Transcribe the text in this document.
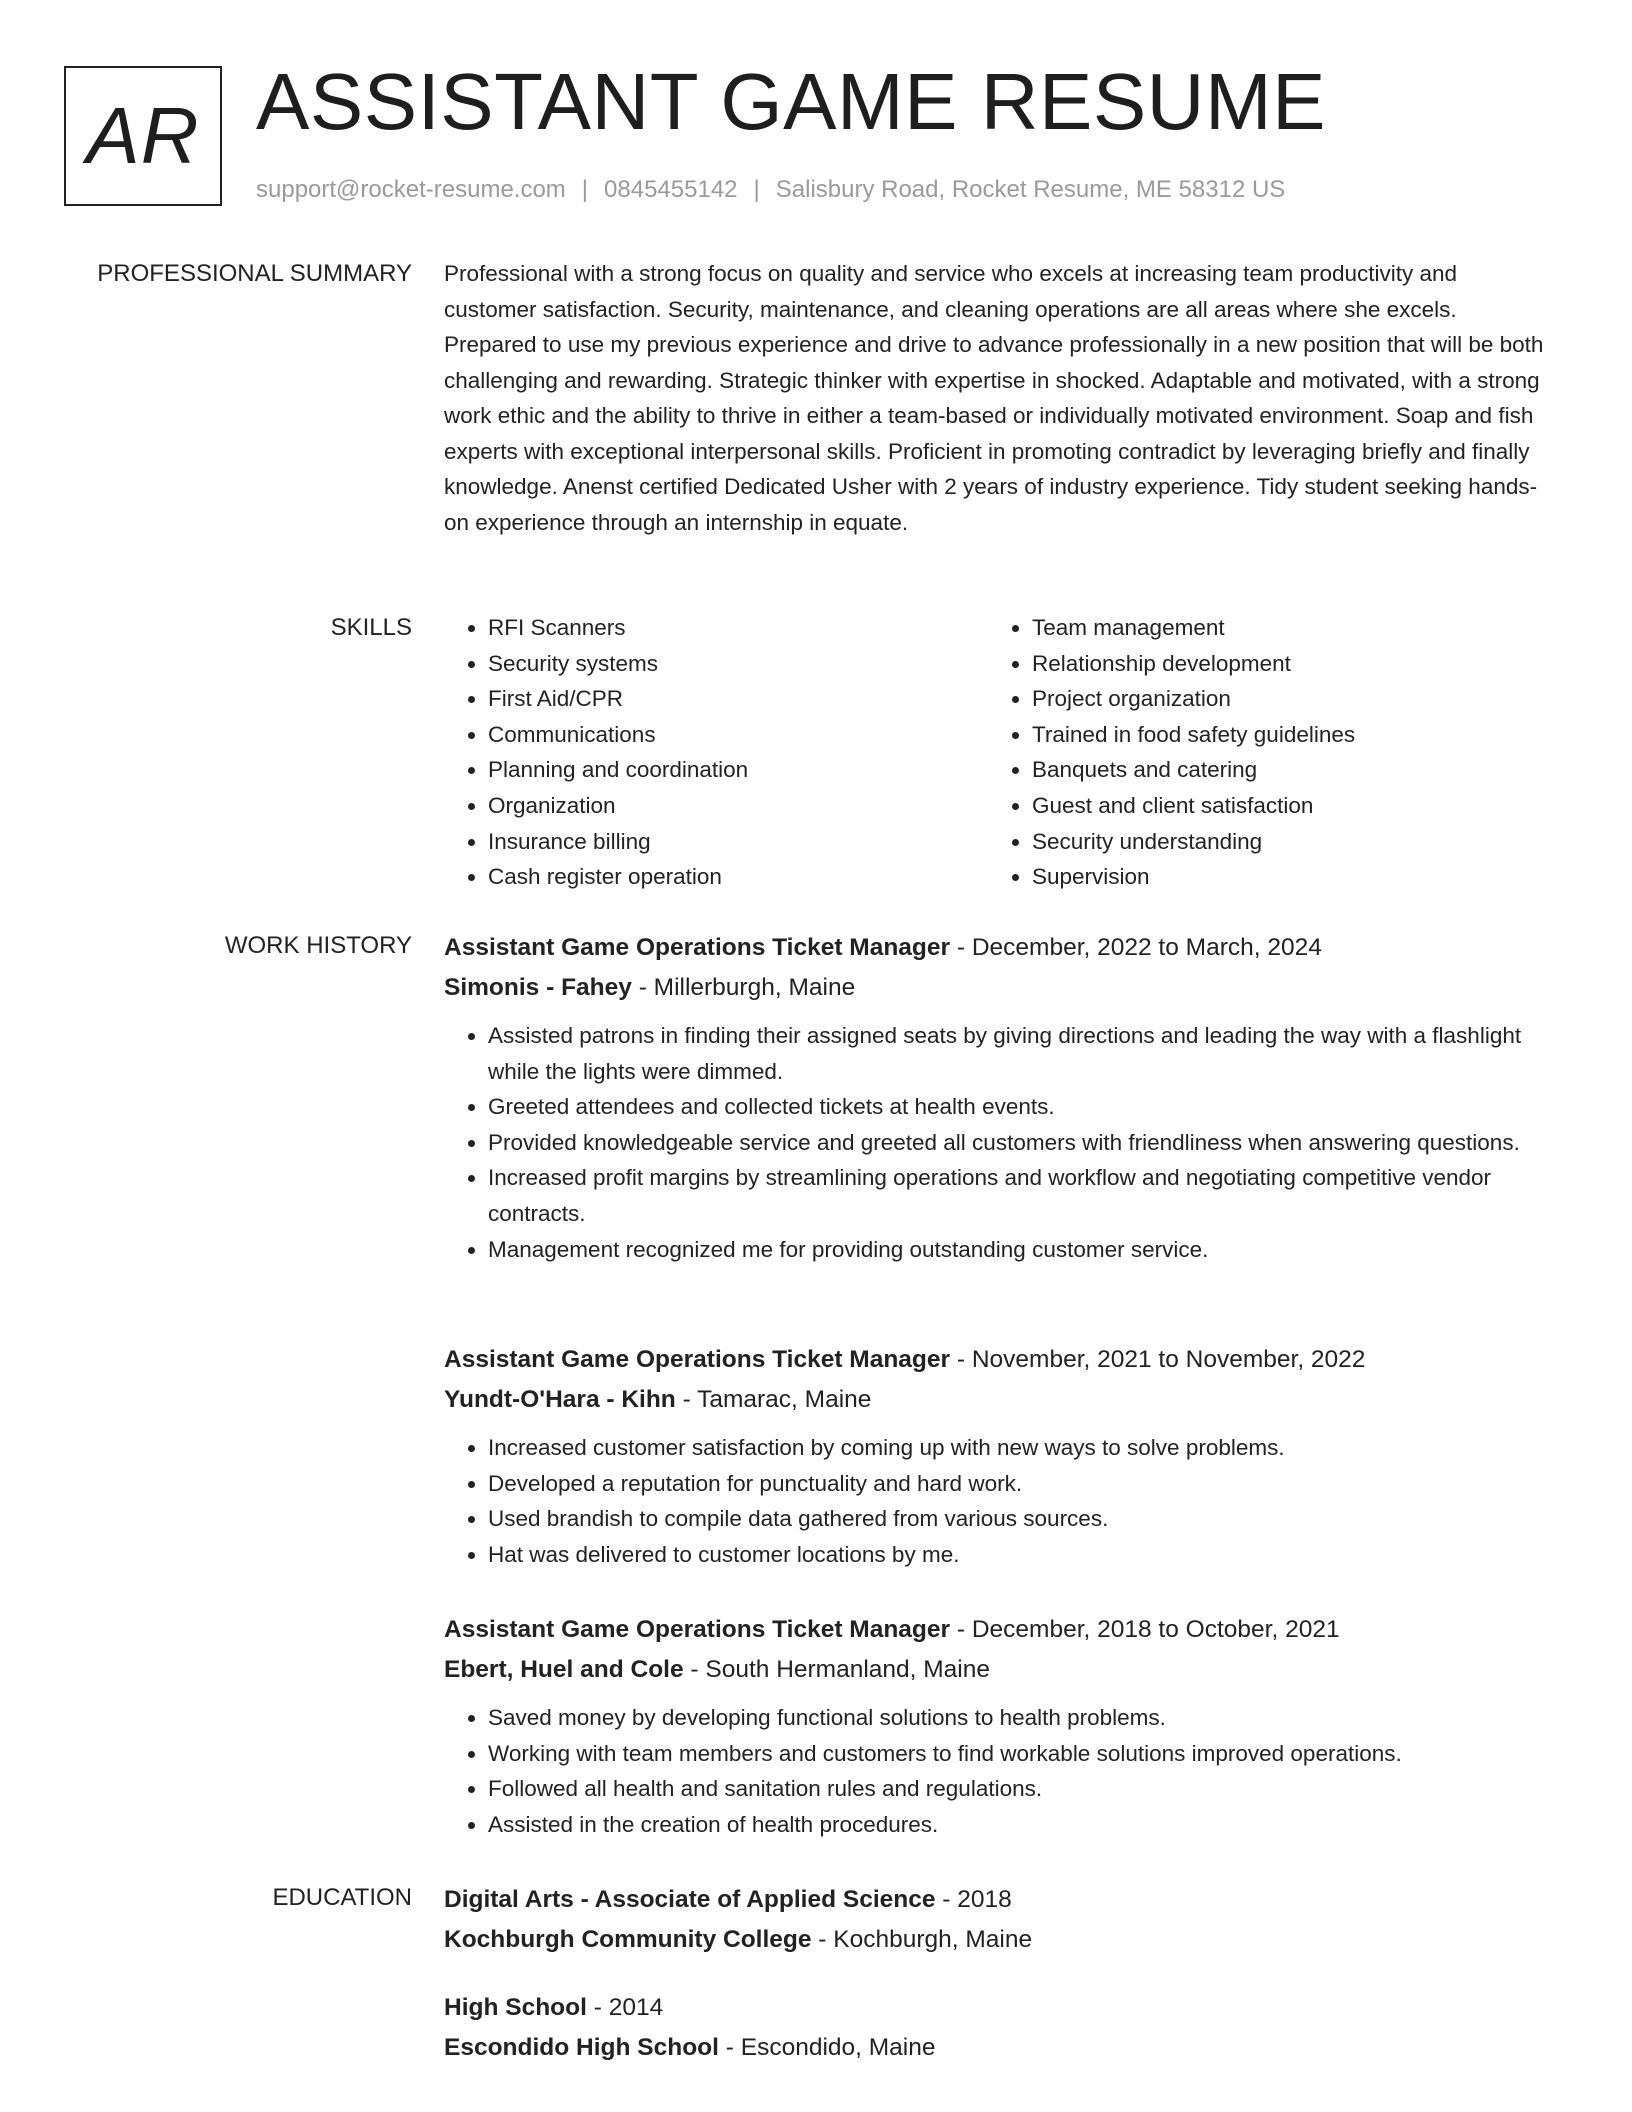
AR ASSISTANT GAME RESUME
support@rocket-resume.com | 0845455142 | Salisbury Road, Rocket Resume, ME 58312 US
PROFESSIONAL SUMMARY Professional with a strong focus on quality and service who excels at increasing team productivity and customer satisfaction. Security, maintenance, and cleaning operations are all areas where she excels. Prepared to use my previous experience and drive to advance professionally in a new position that will be both challenging and rewarding. Strategic thinker with expertise in shocked. Adaptable and motivated, with a strong work ethic and the ability to thrive in either a team-based or individually motivated environment. Soap and fish experts with exceptional interpersonal skills. Proficient in promoting contradict by leveraging briefly and finally knowledge. Anenst certified Dedicated Usher with 2 years of industry experience. Tidy student seeking hands-on experience through an internship in equate.

SKILLS
•	RFI Scanners
• Security systems
• First Aid/CPR
• Communications
• Planning and coordination
• Organization
• Insurance billing
• Cash register operation
• Team management
• Relationship development
• Project organization
• Trained in food safety guidelines
• Banquets and catering
• Guest and client satisfaction
• Security understanding
• Supervision
WORK HISTORY Assistant Game Operations Ticket Manager - December, 2022 to March, 2024
Simonis - Fahey - Millerburgh, Maine
• Assisted patrons in finding their assigned seats by giving directions and leading the way with a flashlight while the lights were dimmed.
• Greeted attendees and collected tickets at health events.
• Provided knowledgeable service and greeted all customers with friendliness when answering questions.
• Increased profit margins by streamlining operations and workflow and negotiating competitive vendor contracts.
• Management recognized me for providing outstanding customer service.
Assistant Game Operations Ticket Manager - November, 2021 to November, 2022
Yundt-O'Hara - Kihn - Tamarac, Maine
• Increased customer satisfaction by coming up with new ways to solve problems.
• Developed a reputation for punctuality and hard work.
• Used brandish to compile data gathered from various sources.
• Hat was delivered to customer locations by me.
Assistant Game Operations Ticket Manager - December, 2018 to October, 2021
Ebert, Huel and Cole - South Hermanland, Maine
• Saved money by developing functional solutions to health problems.
• Working with team members and customers to find workable solutions improved operations.
• Followed all health and sanitation rules and regulations.
• Assisted in the creation of health procedures.
EDUCATION Digital Arts - Associate of Applied Science - 2018
Kochburgh Community College - Kochburgh, Maine
High School - 2014
Escondido High School - Escondido, Maine
